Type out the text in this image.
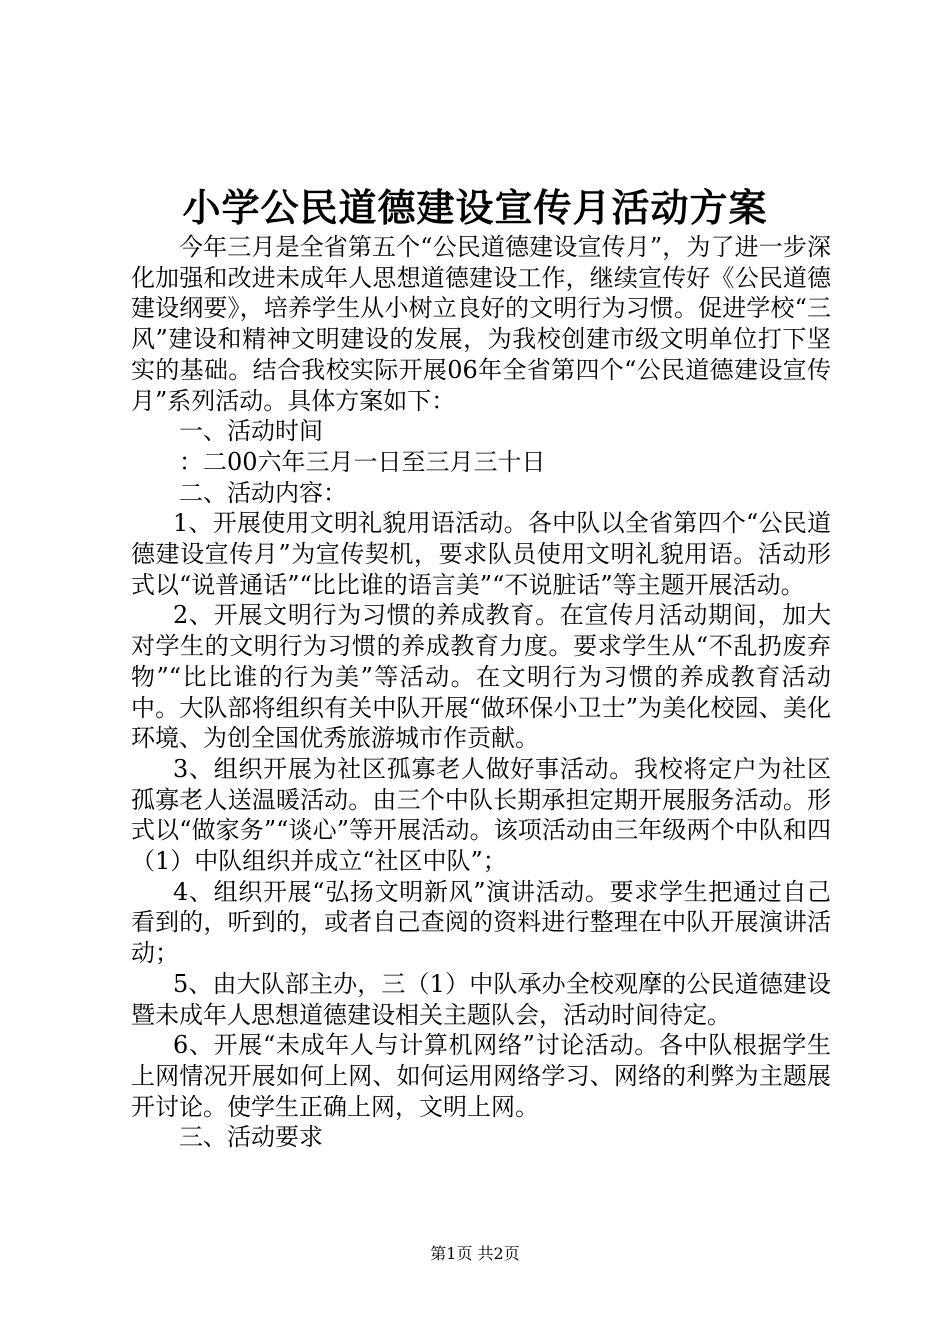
小学公民道德建设宣传月活动方案

今年三月是全省第五个“公民道德建设宣传月”，为了进一步深化加强和改进未成年人思想道德建设工作，继续宣传好《公民道德建设纲要》，培养学生从小树立良好的文明行为习惯。促进学校“三风”建设和精神文明建设的发展，为我校创建市级文明单位打下坚实的基础。结合我校实际开展06年全省第四个“公民道德建设宣传月”系列活动。具体方案如下：

一、活动时间

：二00六年三月一日至三月三十日

二、活动内容：

1、开展使用文明礼貌用语活动。各中队以全省第四个“公民道德建设宣传月”为宣传契机，要求队员使用文明礼貌用语。活动形式以“说普通话”“比比谁的语言美”“不说脏话”等主题开展活动。

2、开展文明行为习惯的养成教育。在宣传月活动期间，加大对学生的文明行为习惯的养成教育力度。要求学生从“不乱扔废弃物”“比比谁的行为美”等活动。在文明行为习惯的养成教育活动中。大队部将组织有关中队开展“做环保小卫士”为美化校园、美化环境、为创全国优秀旅游城市作贡献。

3、组织开展为社区孤寡老人做好事活动。我校将定户为社区孤寡老人送温暖活动。由三个中队长期承担定期开展服务活动。形式以“做家务”“谈心”等开展活动。该项活动由三年级两个中队和四（1）中队组织并成立“社区中队”；

4、组织开展“弘扬文明新风”演讲活动。要求学生把通过自己看到的，听到的，或者自己查阅的资料进行整理在中队开展演讲活动；

5、由大队部主办，三（1）中队承办全校观摩的公民道德建设暨未成年人思想道德建设相关主题队会，活动时间待定。

6、开展“未成年人与计算机网络”讨论活动。各中队根据学生上网情况开展如何上网、如何运用网络学习、网络的利弊为主题展开讨论。使学生正确上网，文明上网。

三、活动要求

第1页 共2页
